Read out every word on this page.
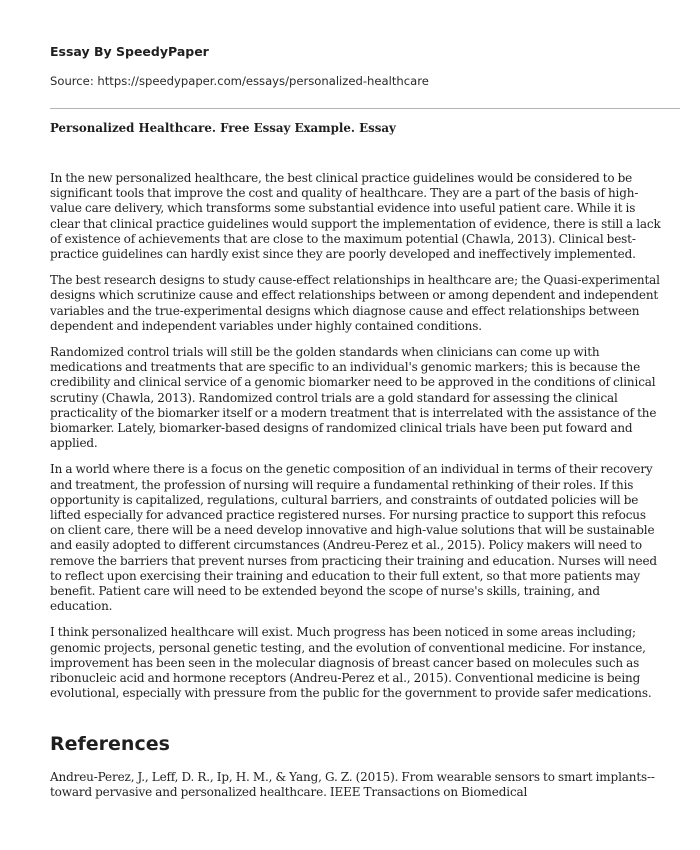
Essay By SpeedyPaper
Source: https://speedypaper.com/essays/personalized-healthcare
Personalized Healthcare. Free Essay Example. Essay

In the new personalized healthcare, the best clinical practice guidelines would be considered to be significant tools that improve the cost and quality of healthcare. They are a part of the basis of high-value care delivery, which transforms some substantial evidence into useful patient care. While it is clear that clinical practice guidelines would support the implementation of evidence, there is still a lack of existence of achievements that are close to the maximum potential (Chawla, 2013). Clinical best-practice guidelines can hardly exist since they are poorly developed and ineffectively implemented.

The best research designs to study cause-effect relationships in healthcare are; the Quasi-experimental designs which scrutinize cause and effect relationships between or among dependent and independent variables and the true-experimental designs which diagnose cause and effect relationships between dependent and independent variables under highly contained conditions.

Randomized control trials will still be the golden standards when clinicians can come up with medications and treatments that are specific to an individual's genomic markers; this is because the credibility and clinical service of a genomic biomarker need to be approved in the conditions of clinical scrutiny (Chawla, 2013). Randomized control trials are a gold standard for assessing the clinical practicality of the biomarker itself or a modern treatment that is interrelated with the assistance of the biomarker. Lately, biomarker-based designs of randomized clinical trials have been put foward and applied.

In a world where there is a focus on the genetic composition of an individual in terms of their recovery and treatment, the profession of nursing will require a fundamental rethinking of their roles. If this opportunity is capitalized, regulations, cultural barriers, and constraints of outdated policies will be lifted especially for advanced practice registered nurses. For nursing practice to support this refocus on client care, there will be a need develop innovative and high-value solutions that will be sustainable and easily adopted to different circumstances (Andreu-Perez et al., 2015). Policy makers will need to remove the barriers that prevent nurses from practicing their training and education. Nurses will need to reflect upon exercising their training and education to their full extent, so that more patients may benefit. Patient care will need to be extended beyond the scope of nurse's skills, training, and education.

I think personalized healthcare will exist. Much progress has been noticed in some areas including; genomic projects, personal genetic testing, and the evolution of conventional medicine. For instance, improvement has been seen in the molecular diagnosis of breast cancer based on molecules such as ribonucleic acid and hormone receptors (Andreu-Perez et al., 2015). Conventional medicine is being evolutional, especially with pressure from the public for the government to provide safer medications.

References

Andreu-Perez, J., Leff, D. R., Ip, H. M., & Yang, G. Z. (2015). From wearable sensors to smart implants--toward pervasive and personalized healthcare. IEEE Transactions on Biomedical
